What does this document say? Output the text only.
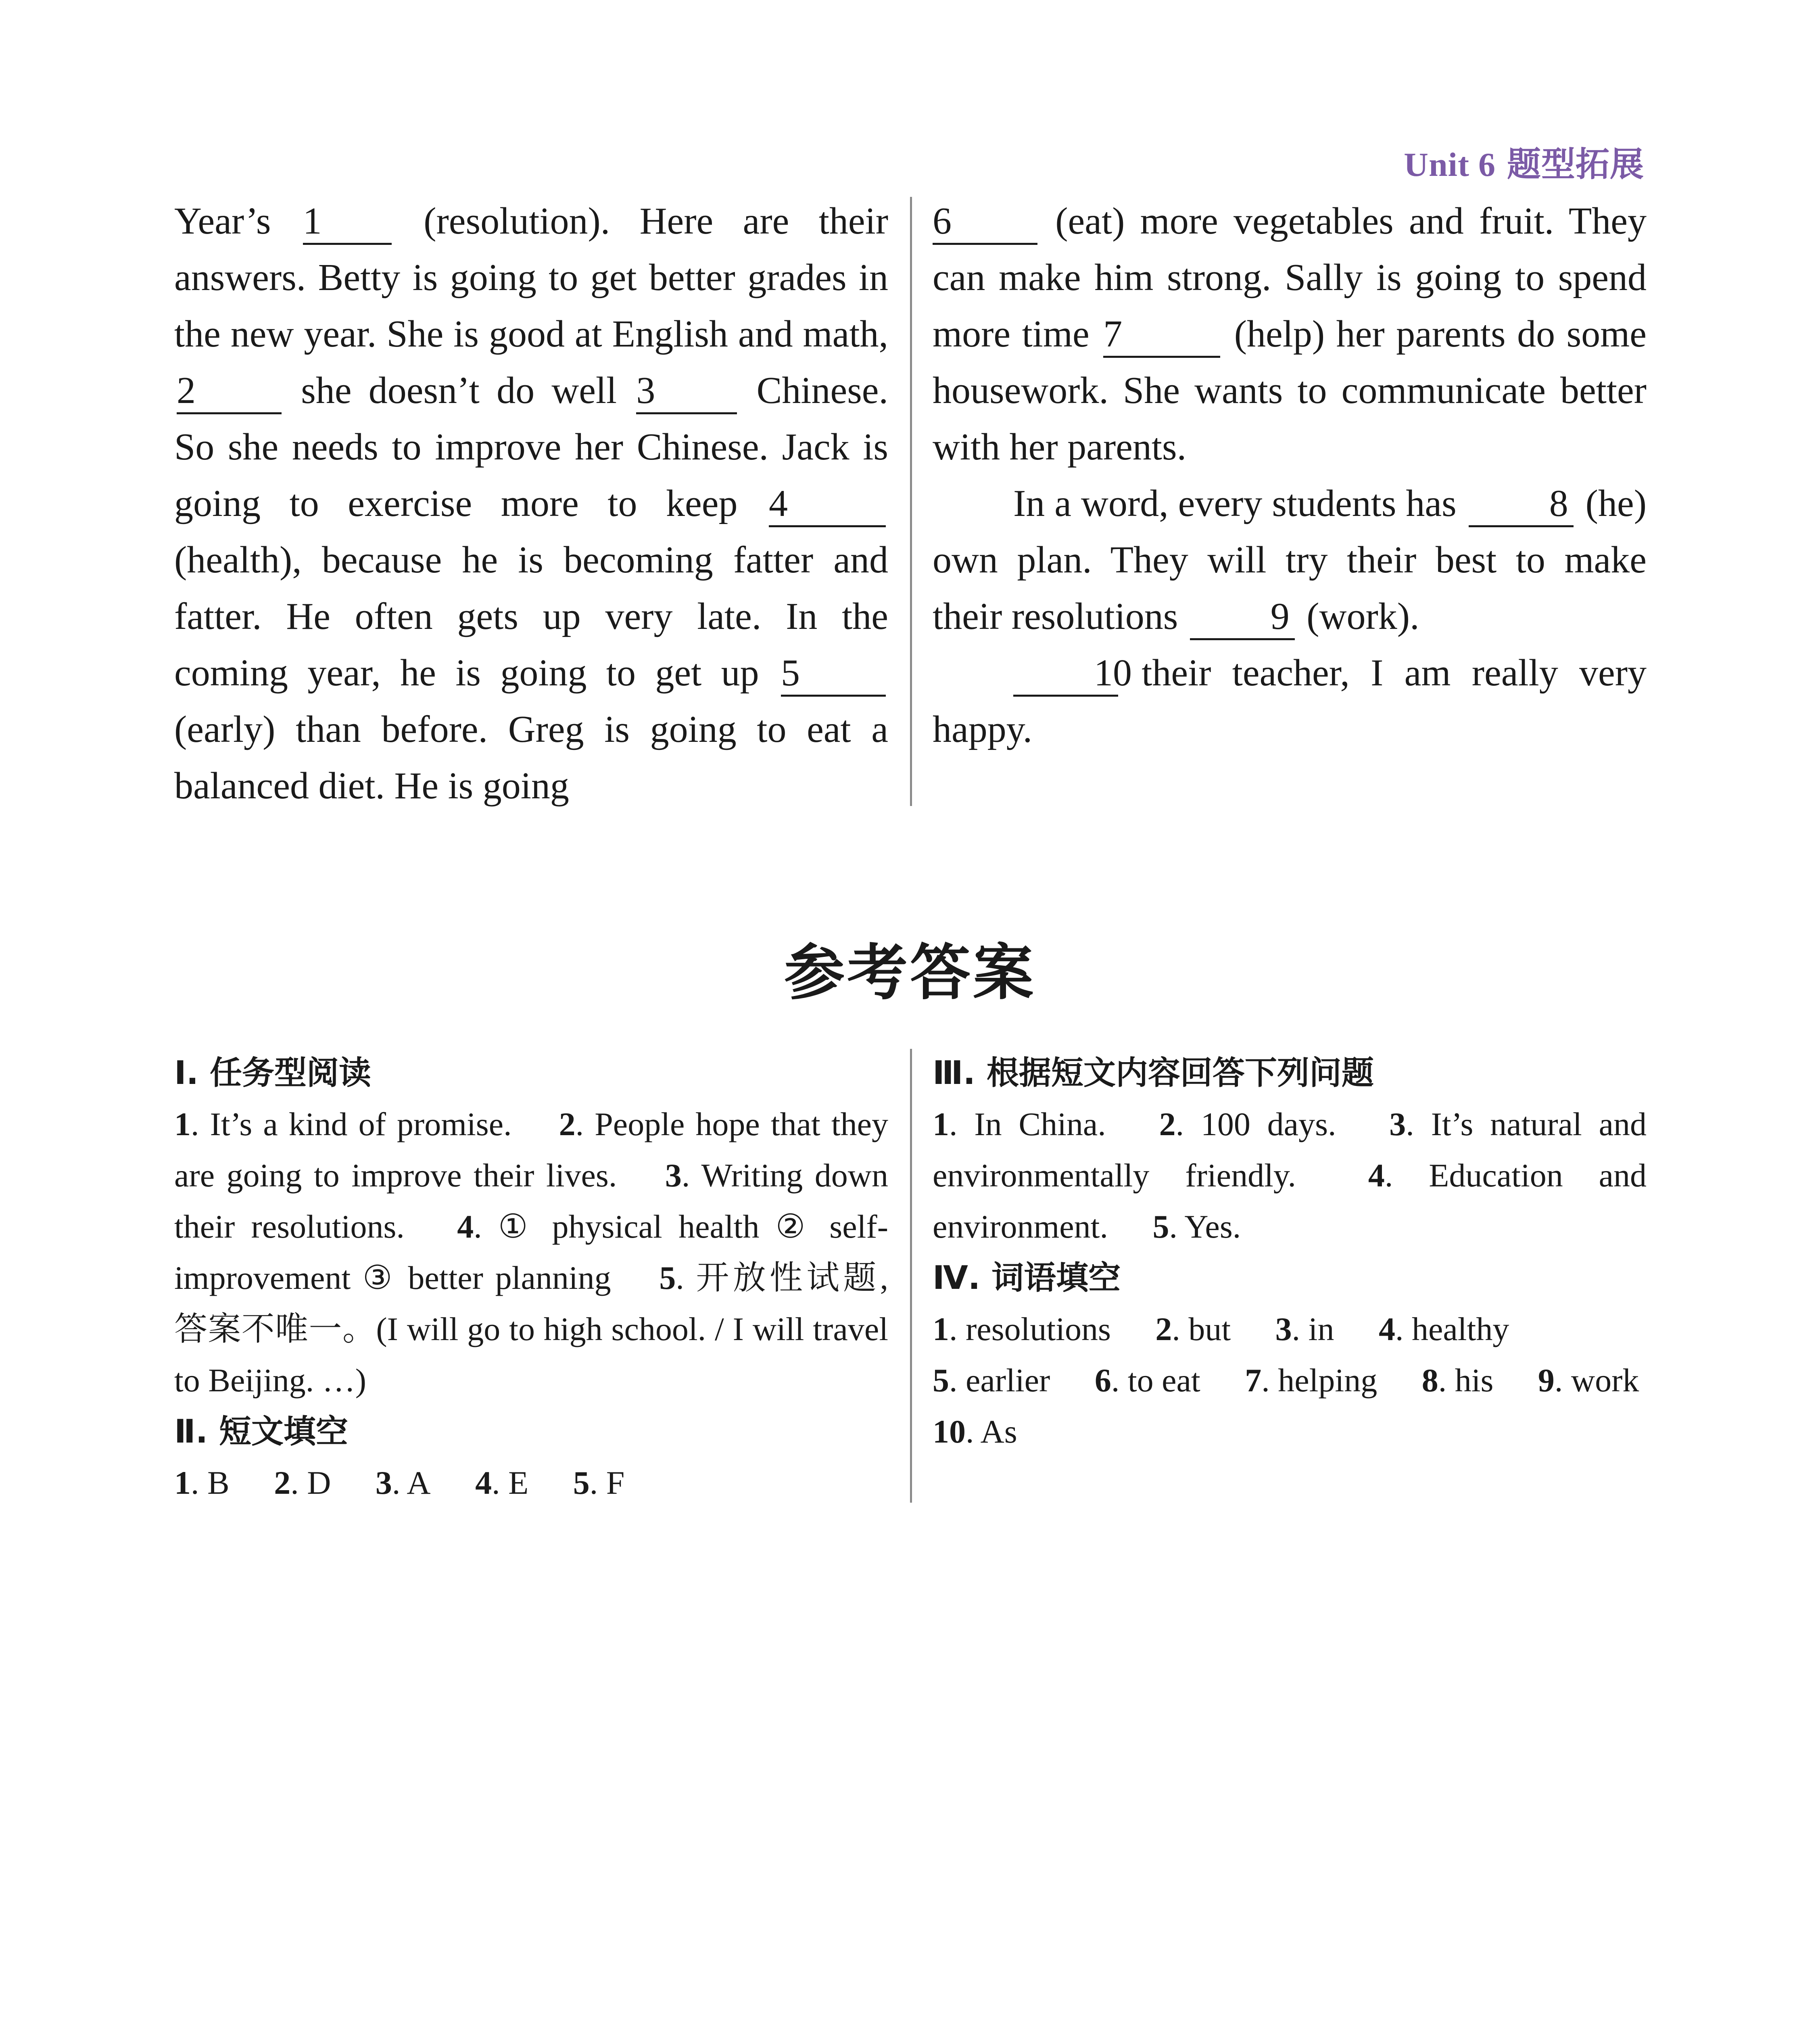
Unit 6 题型拓展

Year’s 1	(resolution). Here are their answers. Betty is going to get better grades in the new year. She is good at English and math, 2	she doesn’t do well 3	Chinese. So she needs to improve her Chinese. Jack is going to exercise more to keep 4 (health), because he is becoming fatter and fatter. He often gets up very late. In the coming year, he is going to get up 5 (early) than before. Greg is going to eat a balanced diet. He is going

6	(eat) more vegetables and fruit. They can make him strong. Sally is going to spend more time 7	(help) her parents do some housework. She wants to communicate better with her parents.

In a word, every students has 8 (he) own plan. They will try their best to make their resolutions 9 (work).

10 their teacher, I am really very happy.

参考答案
Ⅰ. 任务型阅读

1. It’s a kind of promise. 2. People hope that they are going to improve their lives. 3. Writing down their resolutions. 4. ① physical health ② self-improvement ③ better planning 5. 开放性试题, 答案不唯一。(I will go to high school. / I will travel to Beijing. …)

Ⅱ. 短文填空

1. B 2. D 3. A 4. E 5. F

Ⅲ. 根据短文内容回答下列问题

1. In China. 2. 100 days. 3. It’s natural and environmentally friendly. 4. Education and environment. 5. Yes.

Ⅳ. 词语填空

1. resolutions 2. but 3. in 4. healthy
5. earlier 6. to eat 7. helping 8. his 9. work
10. As
